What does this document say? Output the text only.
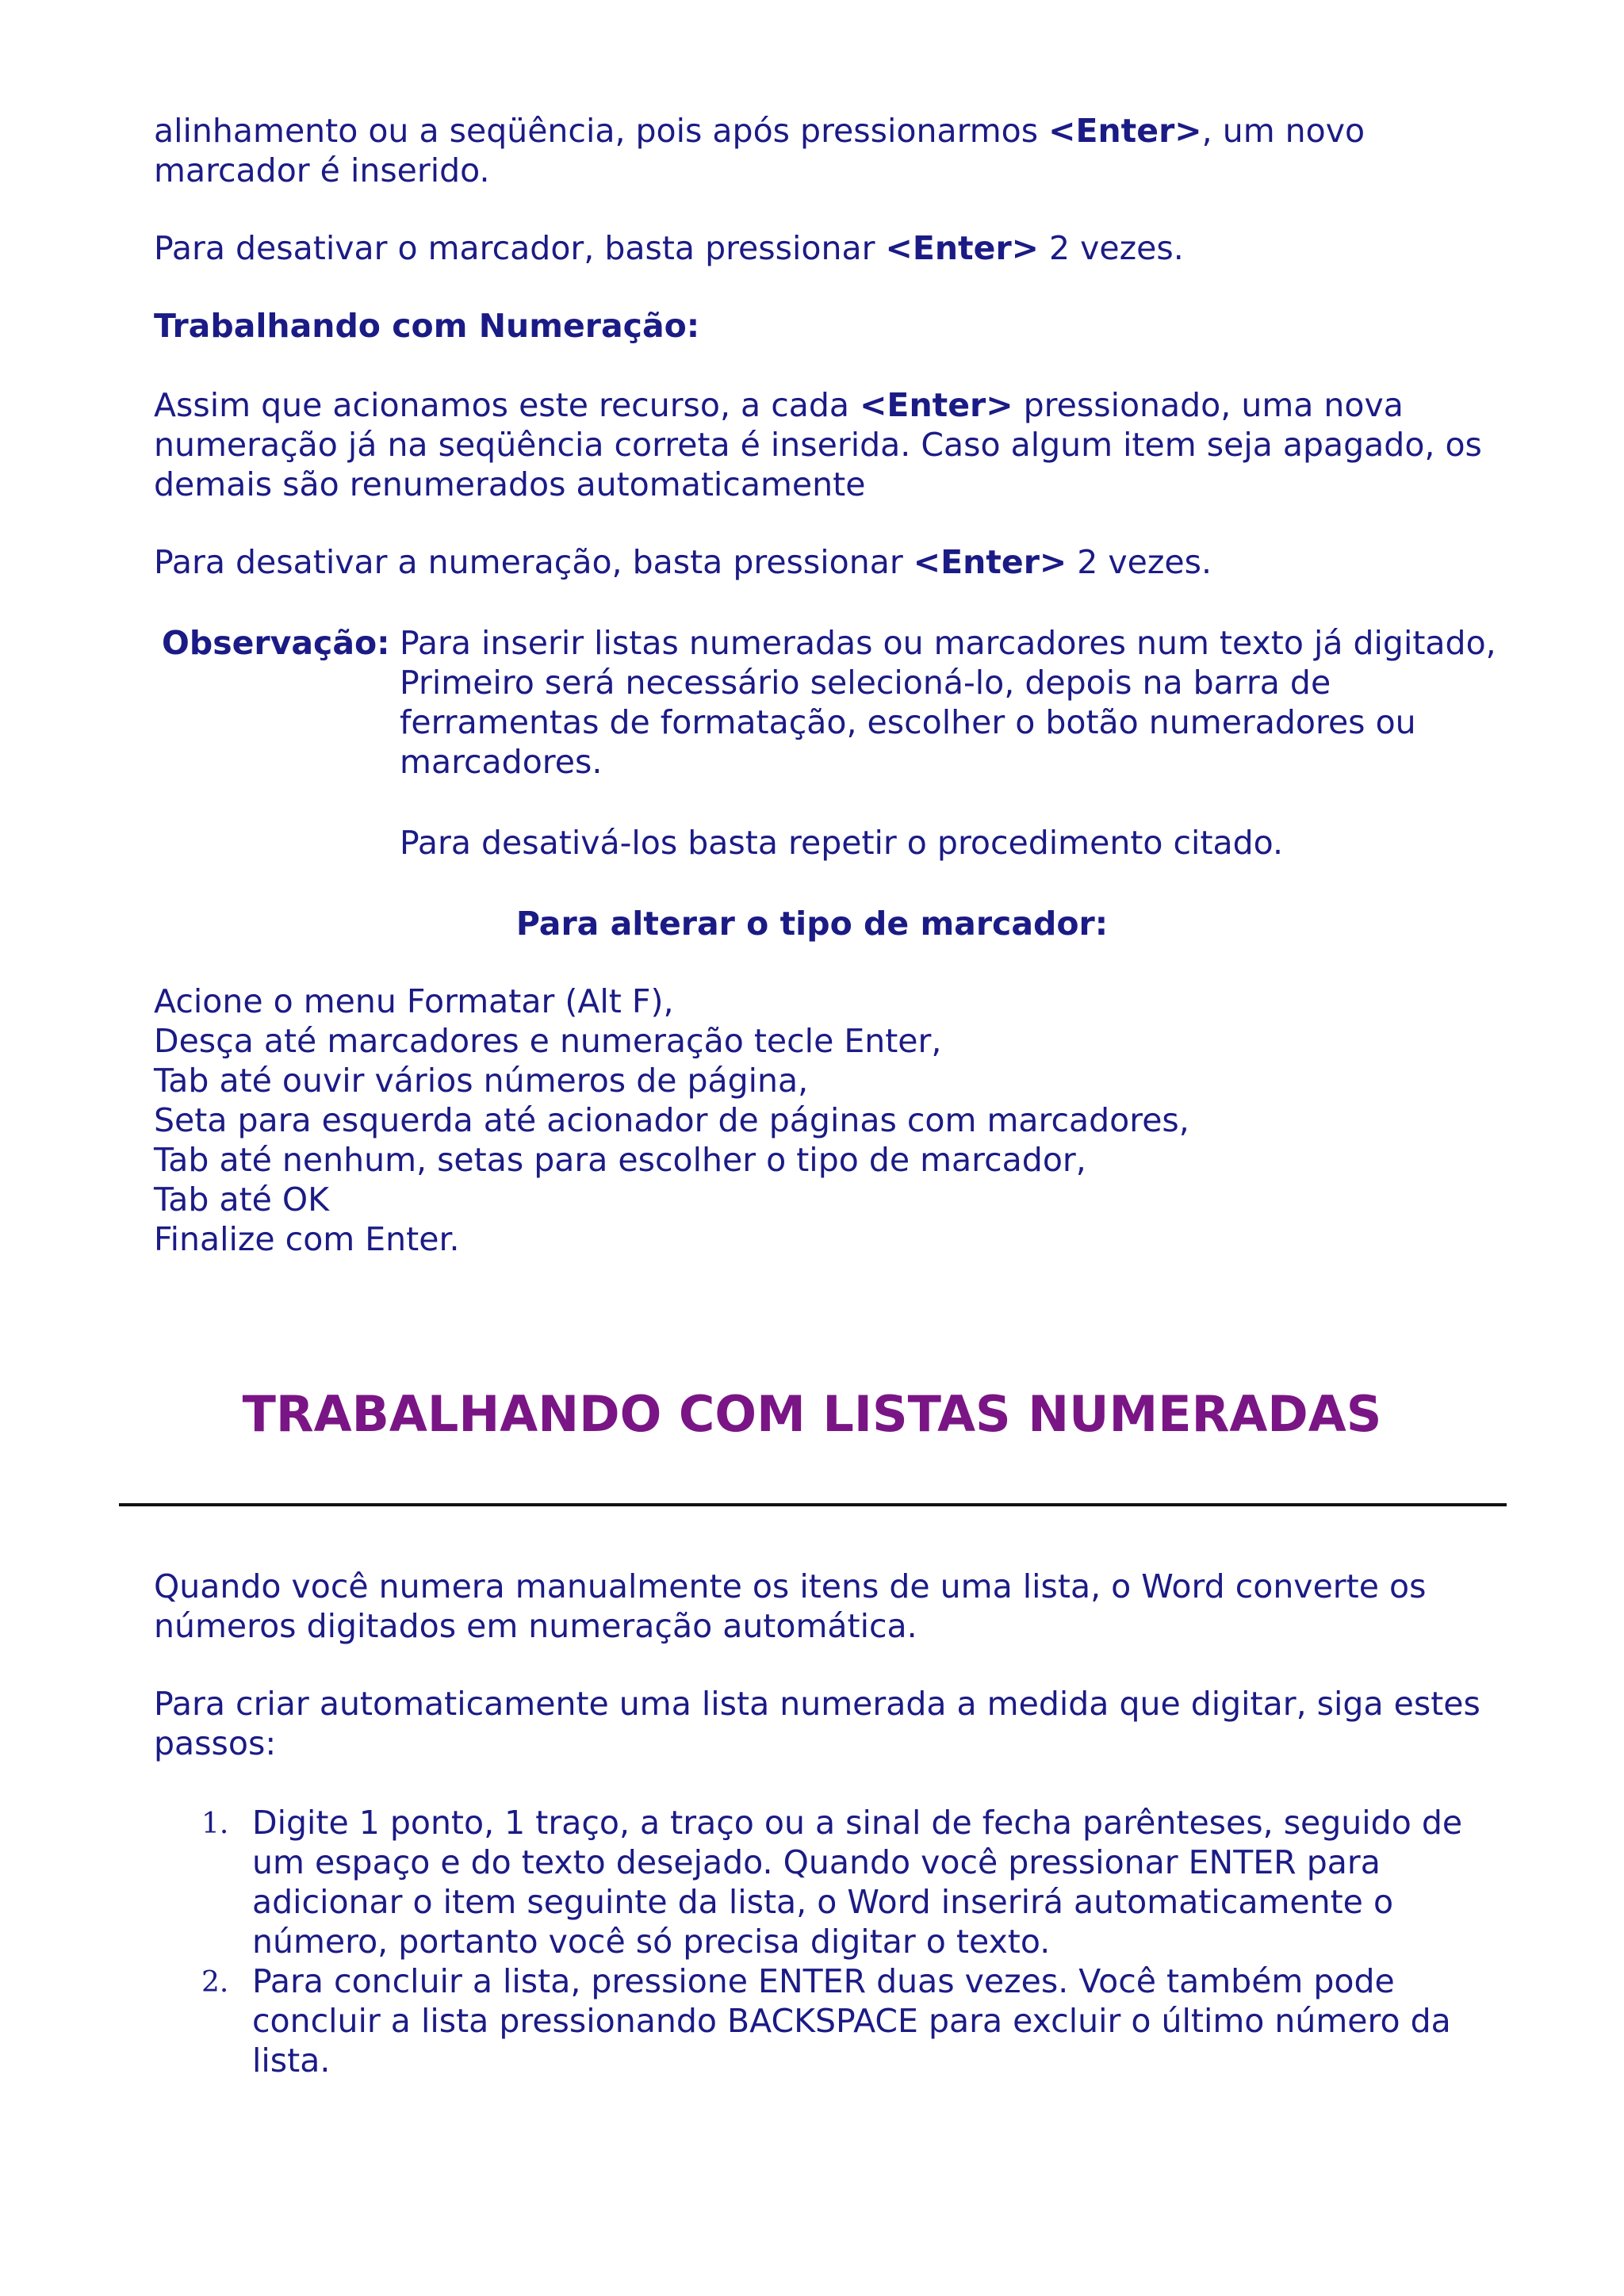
alinhamento ou a seqüência, pois após pressionarmos <Enter>, um novo marcador é inserido.

Para desativar o marcador, basta pressionar <Enter> 2 vezes.

Trabalhando com Numeração:

Assim que acionamos este recurso, a cada <Enter> pressionado, uma nova numeração já na seqüência correta é inserida. Caso algum item seja apagado, os demais são renumerados automaticamente

Para desativar a numeração, basta pressionar <Enter> 2 vezes.

Observação: Para inserir listas numeradas ou marcadores num texto já digitado, Primeiro será necessário selecioná-lo, depois na barra de ferramentas de formatação, escolher o botão numeradores ou marcadores.

Para desativá-los basta repetir o procedimento citado.

Para alterar o tipo de marcador:

Acione o menu Formatar (Alt F),
Desça até marcadores e numeração tecle Enter,
Tab até ouvir vários números de página,
Seta para esquerda até acionador de páginas com marcadores,
Tab até nenhum, setas para escolher o tipo de marcador,
Tab até OK
Finalize com Enter.
TRABALHANDO COM LISTAS NUMERADAS

Quando você numera manualmente os itens de uma lista, o Word converte os números digitados em numeração automática.

Para criar automaticamente uma lista numerada a medida que digitar, siga estes passos:

1. Digite 1 ponto, 1 traço, a traço ou a sinal de fecha parênteses, seguido de um espaço e do texto desejado. Quando você pressionar ENTER para adicionar o item seguinte da lista, o Word inserirá automaticamente o número, portanto você só precisa digitar o texto.
2. Para concluir a lista, pressione ENTER duas vezes. Você também pode concluir a lista pressionando BACKSPACE para excluir o último número da lista.
